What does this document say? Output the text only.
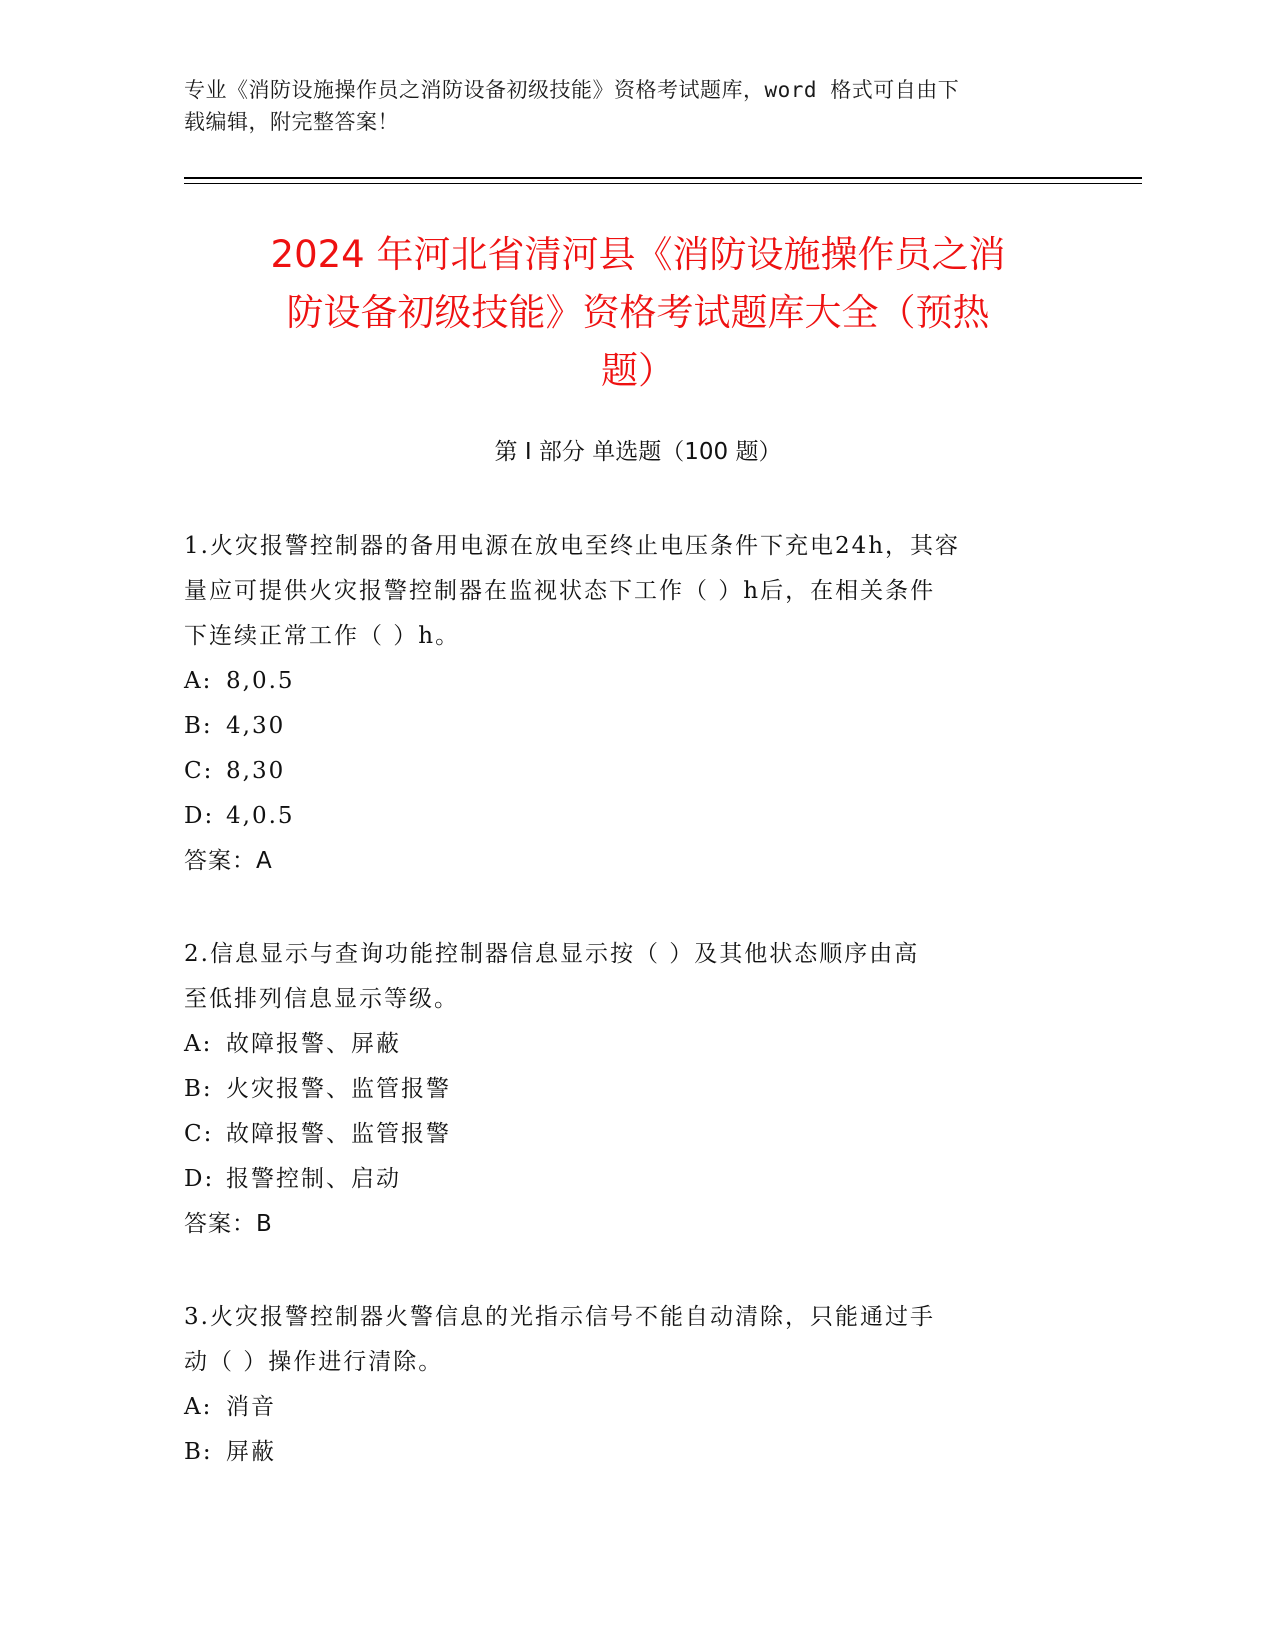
专业《消防设施操作员之消防设备初级技能》资格考试题库，word 格式可自由下
载编辑，附完整答案！
2024 年河北省清河县《消防设施操作员之消
防设备初级技能》资格考试题库大全（预热
题）
第 I 部分 单选题（100 题）

1.火灾报警控制器的备用电源在放电至终止电压条件下充电24h，其容

量应可提供火灾报警控制器在监视状态下工作（ ）h后，在相关条件

下连续正常工作（ ）h。

A: 8,0.5

B: 4,30

C: 8,30

D: 4,0.5

答案：A

2.信息显示与查询功能控制器信息显示按（ ）及其他状态顺序由高

至低排列信息显示等级。

A: 故障报警、屏蔽

B: 火灾报警、监管报警

C: 故障报警、监管报警

D: 报警控制、启动

答案：B

3.火灾报警控制器火警信息的光指示信号不能自动清除，只能通过手

动（ ）操作进行清除。

A: 消音

B: 屏蔽
